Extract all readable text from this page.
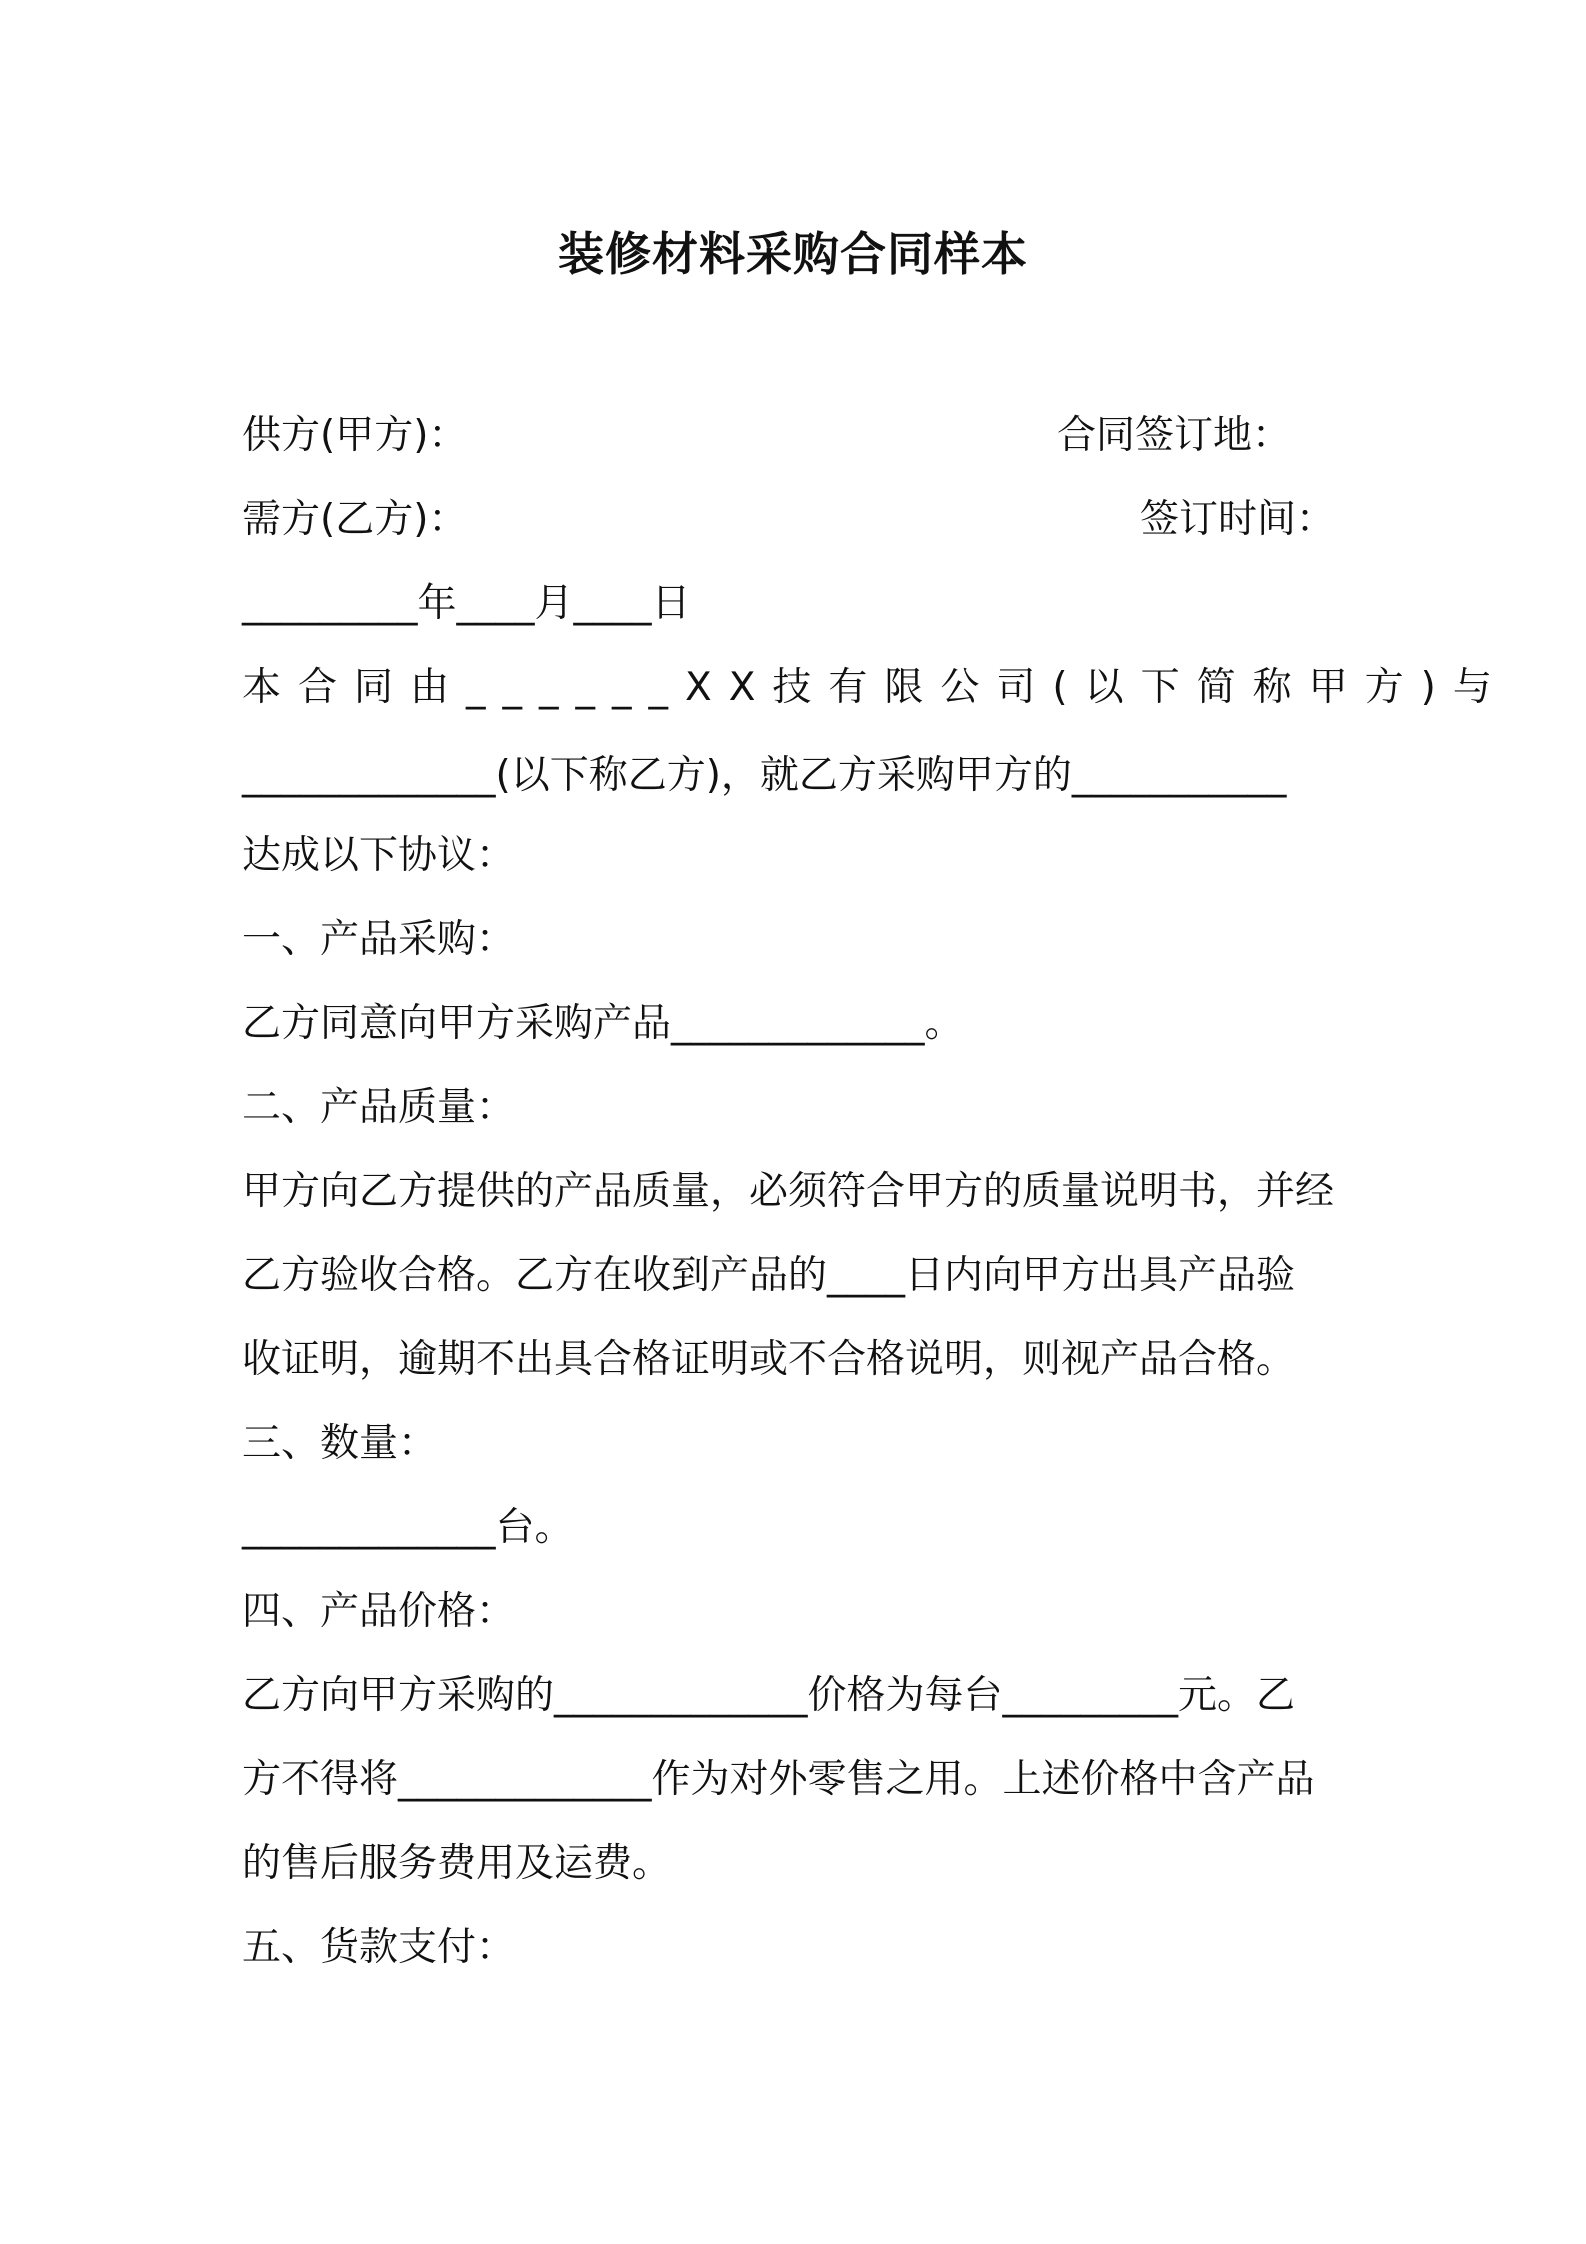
装修材料采购合同样本
供方(甲方)：	合同签订地：
需方(乙方)：	签订时间：
_________年____月____日
本合同由______XX技有限公司(以下简称甲方)与
_____________(以下称乙方)，就乙方采购甲方的___________
达成以下协议：
一、产品采购：
乙方同意向甲方采购产品_____________。
二、产品质量：
甲方向乙方提供的产品质量，必须符合甲方的质量说明书，并经
乙方验收合格。乙方在收到产品的____日内向甲方出具产品验
收证明，逾期不出具合格证明或不合格说明，则视产品合格。
三、数量：
_____________台。
四、产品价格：
乙方向甲方采购的_____________价格为每台_________元。乙
方不得将_____________作为对外零售之用。上述价格中含产品
的售后服务费用及运费。
五、货款支付：
